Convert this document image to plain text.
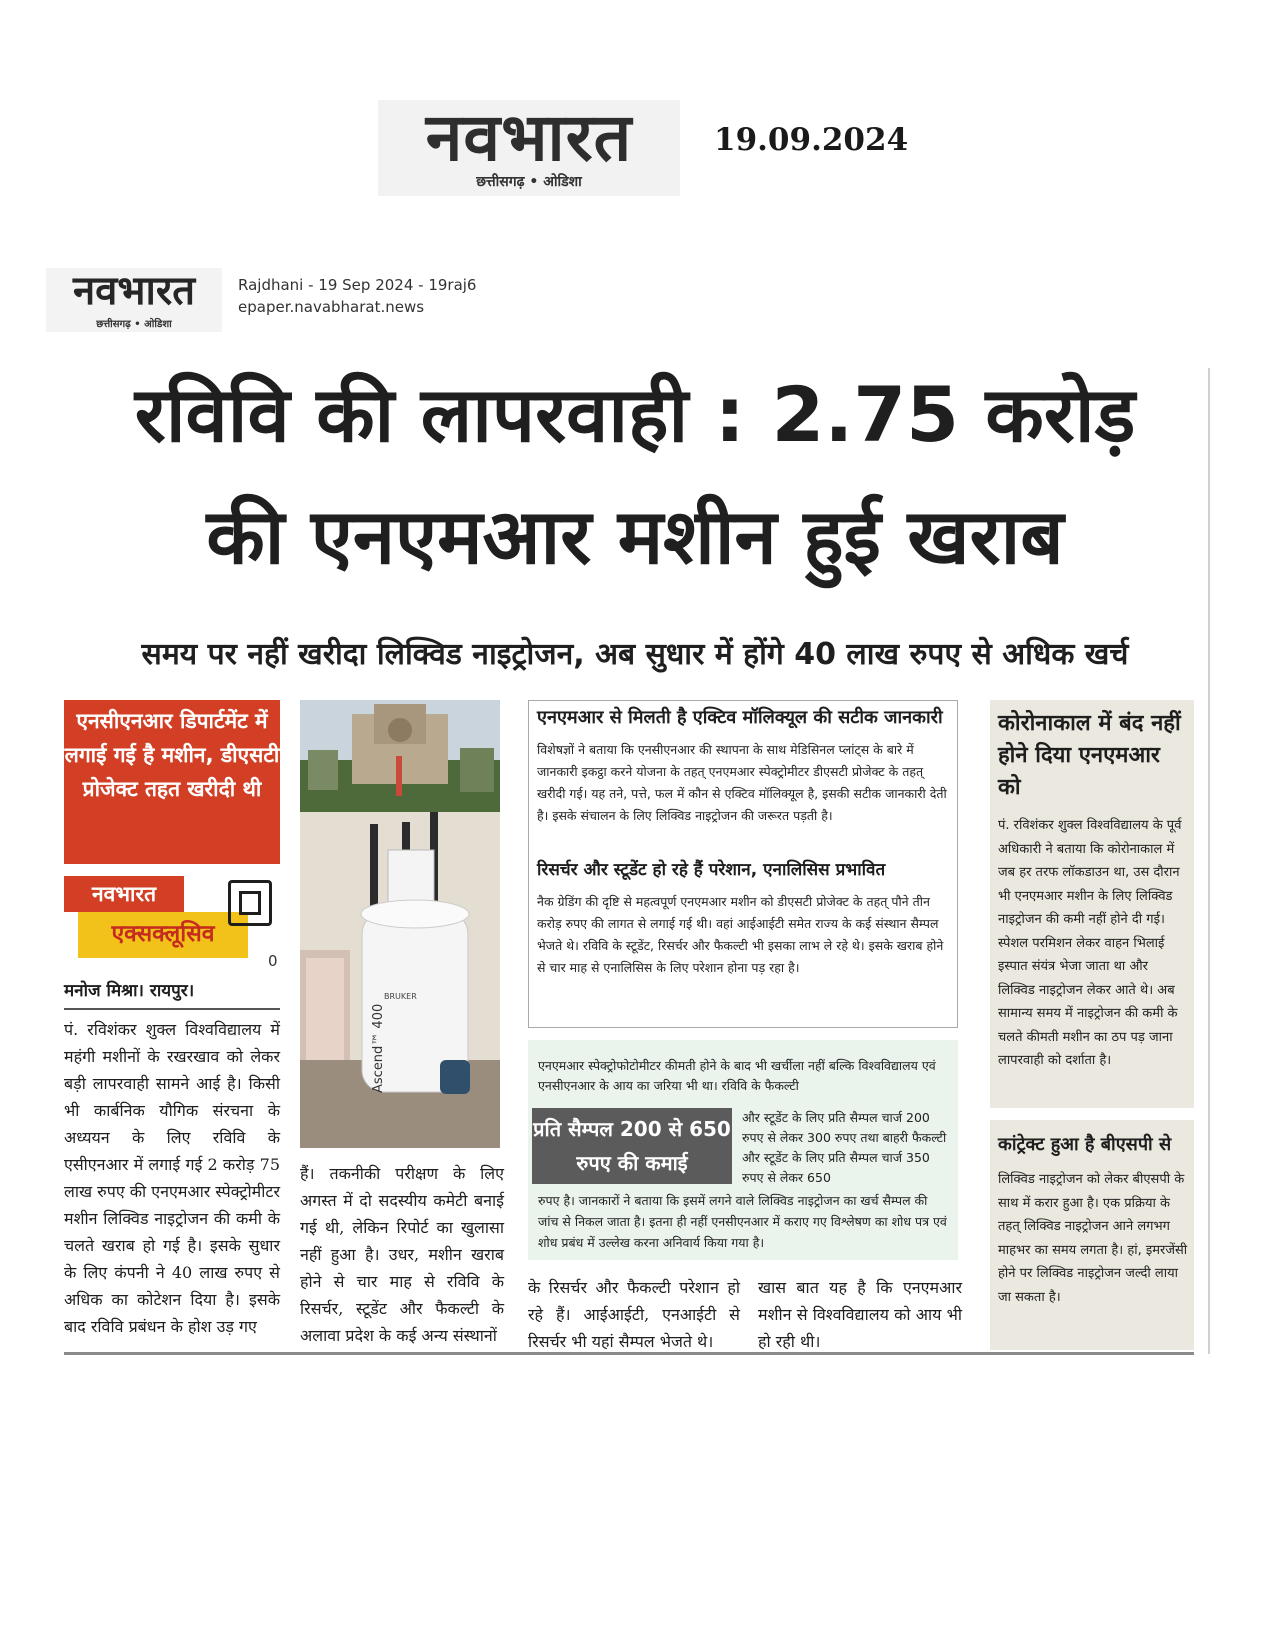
नवभारत
छत्तीसगढ़ • ओडिशा
19.09.2024
नवभारत
छत्तीसगढ़ • ओडिशा
Rajdhani - 19 Sep 2024 - 19raj6
epaper.navabharat.news
रविवि की लापरवाही : 2.75 करोड़
की एनएमआर मशीन हुई खराब
समय पर नहीं खरीदा लिक्विड नाइट्रोजन, अब सुधार में होंगे 40 लाख रुपए से अधिक खर्च
एनसीएनआर डिपार्टमेंट में लगाई गई है मशीन, डीएसटी प्रोजेक्ट तहत खरीदी थी
नवभारत
एक्सक्लूसिव
0
मनोज मिश्रा। रायपुर।
पं. रविशंकर शुक्ल विश्वविद्यालय में महंगी मशीनों के रखरखाव को लेकर बड़ी लापरवाही सामने आई है। किसी भी कार्बनिक यौगिक संरचना के अध्ययन के लिए रविवि के एसीएनआर में लगाई गई 2 करोड़ 75 लाख रुपए की एनएमआर स्पेक्ट्रोमीटर मशीन लिक्विड नाइट्रोजन की कमी के चलते खराब हो गई है। इसके सुधार के लिए कंपनी ने 40 लाख रुपए से अधिक का कोटेशन दिया है। इसके बाद रविवि प्रबंधन के होश उड़ गए
BRUKER
Ascend™ 400
हैं। तकनीकी परीक्षण के लिए अगस्त में दो सदस्यीय कमेटी बनाई गई थी, लेकिन रिपोर्ट का खुलासा नहीं हुआ है। उधर, मशीन खराब होने से चार माह से रविवि के रिसर्चर, स्टूडेंट और फैकल्टी के अलावा प्रदेश के कई अन्य संस्थानों
एनएमआर से मिलती है एक्टिव मॉलिक्यूल की सटीक जानकारी
विशेषज्ञों ने बताया कि एनसीएनआर की स्थापना के साथ मेडिसिनल प्लांट्स के बारे में जानकारी इकट्ठा करने योजना के तहत् एनएमआर स्पेक्ट्रोमीटर डीएसटी प्रोजेक्ट के तहत् खरीदी गई। यह तने, पत्ते, फल में कौन से एक्टिव मॉलिक्यूल है, इसकी सटीक जानकारी देती है। इसके संचालन के लिए लिक्विड नाइट्रोजन की जरूरत पड़ती है।
रिसर्चर और स्टूडेंट हो रहे हैं परेशान, एनालिसिस प्रभावित
नैक ग्रेडिंग की दृष्टि से महत्वपूर्ण एनएमआर मशीन को डीएसटी प्रोजेक्ट के तहत् पौने तीन करोड़ रुपए की लागत से लगाई गई थी। वहां आईआईटी समेत राज्य के कई संस्थान सैम्पल भेजते थे। रविवि के स्टूडेंट, रिसर्चर और फैकल्टी भी इसका लाभ ले रहे थे। इसके खराब होने से चार माह से एनालिसिस के लिए परेशान होना पड़ रहा है।
एनएमआर स्पेक्ट्रोफोटोमीटर कीमती होने के बाद भी खर्चीला नहीं बल्कि विश्वविद्यालय एवं एनसीएनआर के आय का जरिया भी था। रविवि के फैकल्टी
प्रति सैम्पल 200 से 650 रुपए की कमाई
और स्टूडेंट के लिए प्रति सैम्पल चार्ज 200 रुपए से लेकर 300 रुपए तथा बाहरी फैकल्टी और स्टूडेंट के लिए प्रति सैम्पल चार्ज 350 रुपए से लेकर 650
रुपए है। जानकारों ने बताया कि इसमें लगने वाले लिक्विड नाइट्रोजन का खर्च सैम्पल की जांच से निकल जाता है। इतना ही नहीं एनसीएनआर में कराए गए विश्लेषण का शोध पत्र एवं शोध प्रबंध में उल्लेख करना अनिवार्य किया गया है।
के रिसर्चर और फैकल्टी परेशान हो रहे हैं। आईआईटी, एनआईटी से रिसर्चर भी यहां सैम्पल भेजते थे।
खास बात यह है कि एनएमआर मशीन से विश्वविद्यालय को आय भी हो रही थी।
कोरोनाकाल में बंद नहीं होने दिया एनएमआर को
पं. रविशंकर शुक्ल विश्वविद्यालय के पूर्व अधिकारी ने बताया कि कोरोनाकाल में जब हर तरफ लॉकडाउन था, उस दौरान भी एनएमआर मशीन के लिए लिक्विड नाइट्रोजन की कमी नहीं होने दी गई। स्पेशल परमिशन लेकर वाहन भिलाई इस्पात संयंत्र भेजा जाता था और लिक्विड नाइट्रोजन लेकर आते थे। अब सामान्य समय में नाइट्रोजन की कमी के चलते कीमती मशीन का ठप पड़ जाना लापरवाही को दर्शाता है।
कांट्रेक्ट हुआ है बीएसपी से
लिक्विड नाइट्रोजन को लेकर बीएसपी के साथ में करार हुआ है। एक प्रक्रिया के तहत् लिक्विड नाइट्रोजन आने लगभग माहभर का समय लगता है। हां, इमरजेंसी होने पर लिक्विड नाइट्रोजन जल्दी लाया जा सकता है।
